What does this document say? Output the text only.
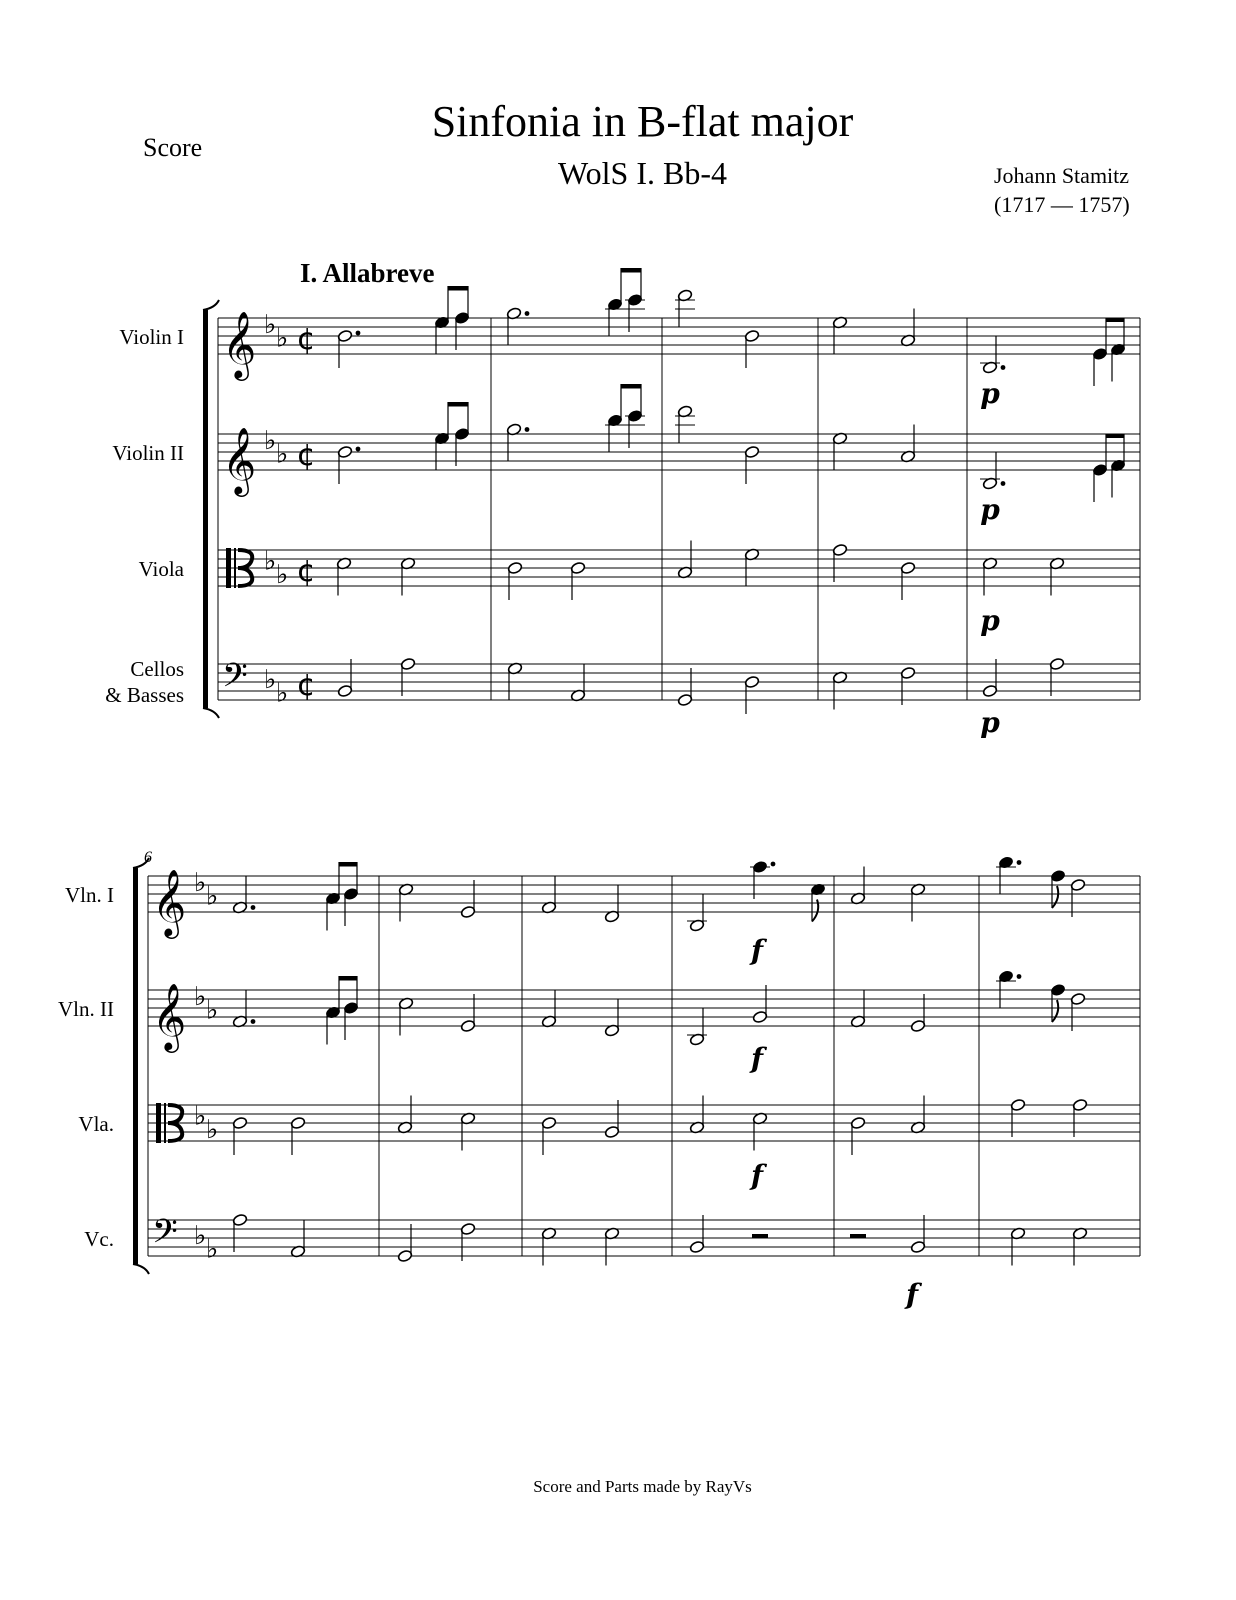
Score
Sinfonia in B-flat major
WolS I. Bb-4	Johann Stamitz
(1717 — 1757)
I. Allabreve
Score and Parts made by RayVs
𝄞 ♭ ♭ ¢
Violin I
𝄞 ♭ ♭ ¢
Violin II
♭ ♭ ¢
Viola
𝄢 ♭ ♭ ¢
Cellos
& Basses
𝄞 ♭ ♭
Vln. I
𝄞 ♭ ♭
Vln. II
♭ ♭
Vla.
𝄢 ♭ ♭
Vc.
6
p
p
p
p
f
f
f
f
